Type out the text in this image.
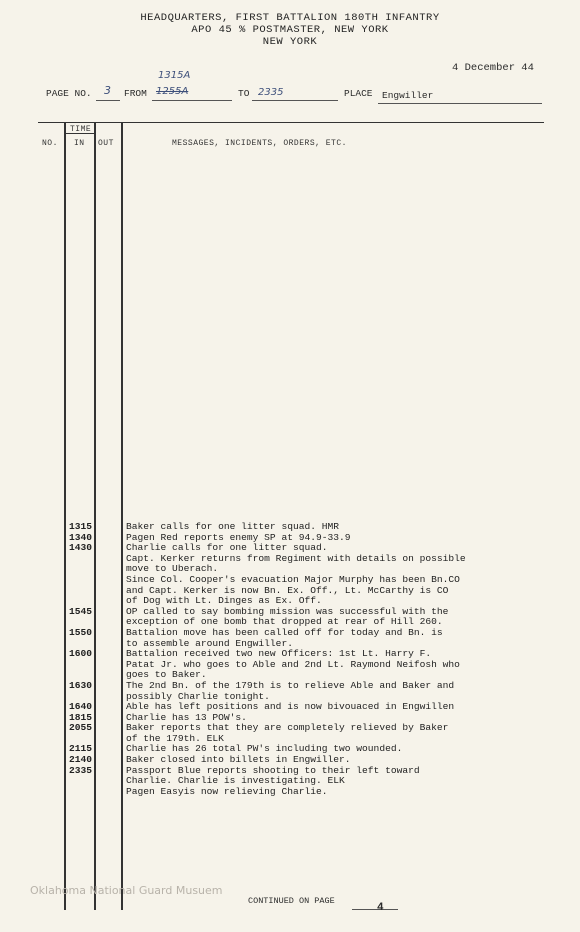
HEADQUARTERS, FIRST BATTALION 180TH INFANTRY
APO 45 % POSTMASTER, NEW YORK
NEW YORK
4 December 44
PAGE NO. 3 FROM
1315A
1255A	TO 2335	PLACE Engwiller
NO.
TIME
IN OUT	MESSAGES, INCIDENTS, ORDERS, ETC.
1315	Baker calls for one litter squad. HMR
1340	Pagen Red reports enemy SP at 94.9-33.9
1430	Charlie calls for one litter squad.
Capt. Kerker returns from Regiment with details on possible
move to Uberach.
Since Col. Cooper's evacuation Major Murphy has been Bn.CO
and Capt. Kerker is now Bn. Ex. Off., Lt. McCarthy is CO
of Dog with Lt. Dinges as Ex. Off.
1545	OP called to say bombing mission was successful with the
exception of one bomb that dropped at rear of Hill 260.
1550	Battalion move has been called off for today and Bn. is
to assemble around Engwiller.
1600	Battalion received two new Officers: 1st Lt. Harry F.
Patat Jr. who goes to Able and 2nd Lt. Raymond Neifosh who
goes to Baker.
1630	The 2nd Bn. of the 179th is to relieve Able and Baker and
possibly Charlie tonight.
1640	Able has left positions and is now bivouaced in Engwillen
1815	Charlie has 13 POW's.
2055	Baker reports that they are completely relieved by Baker
of the 179th. ELK
2115	Charlie has 26 total PW's including two wounded.
2140	Baker closed into billets in Engwiller.
2335	Passport Blue reports shooting to their left toward
Charlie. Charlie is investigating. ELK
Pagen Easyis now relieving Charlie.
CONTINUED ON PAGE
4
Oklahoma National Guard Musuem
